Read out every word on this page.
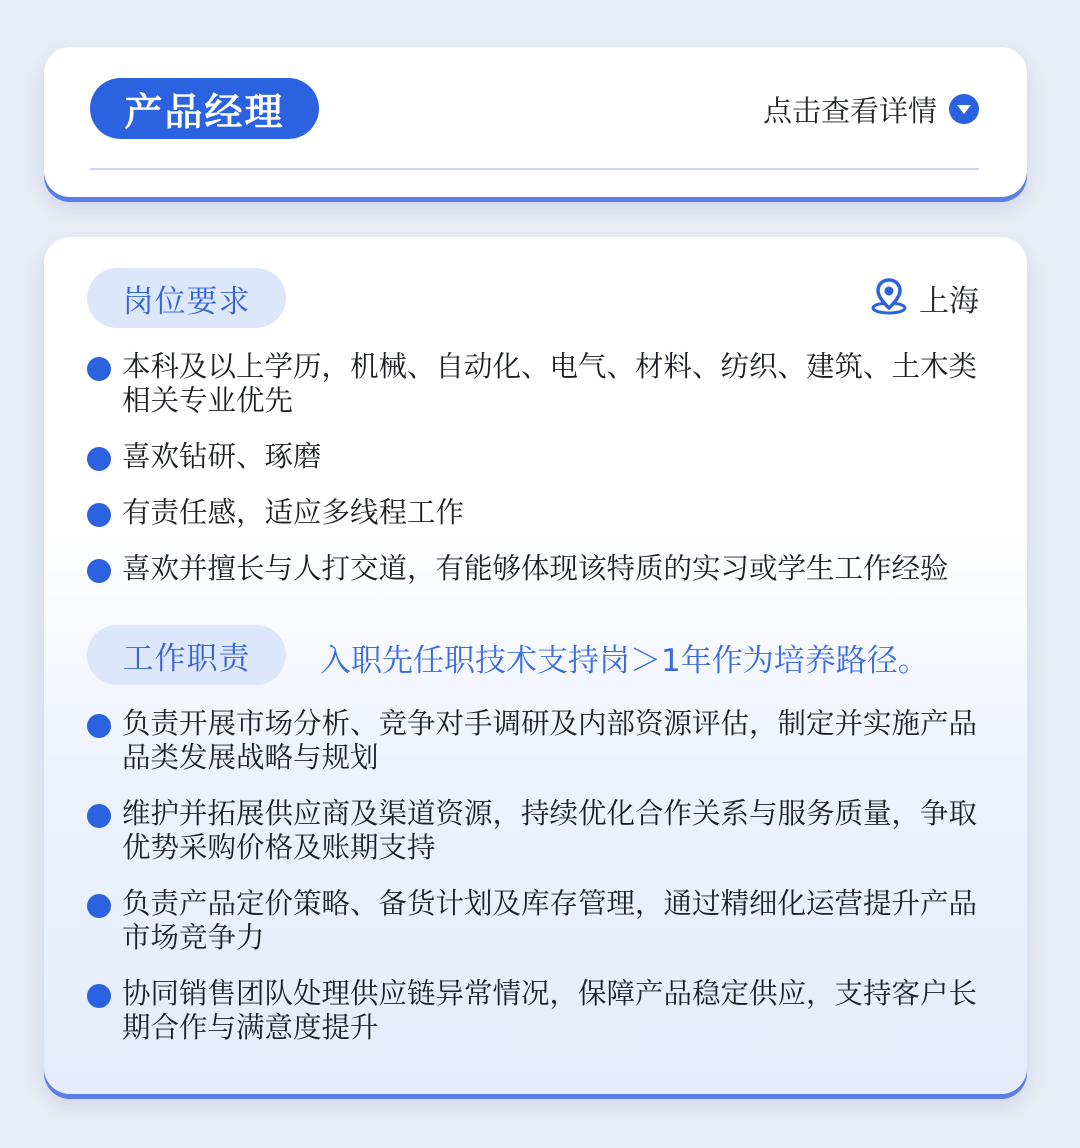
产品经理	点击查看详情
岗位要求	上海
本科及以上学历，机械、自动化、电气、材料、纺织、建筑、土木类相关专业优先
喜欢钻研、琢磨
有责任感，适应多线程工作
喜欢并擅长与人打交道，有能够体现该特质的实习或学生工作经验
工作职责	入职先任职技术支持岗＞1年作为培养路径。
负责开展市场分析、竞争对手调研及内部资源评估，制定并实施产品品类发展战略与规划
维护并拓展供应商及渠道资源，持续优化合作关系与服务质量，争取优势采购价格及账期支持
负责产品定价策略、备货计划及库存管理，通过精细化运营提升产品市场竞争力
协同销售团队处理供应链异常情况，保障产品稳定供应，支持客户长期合作与满意度提升
